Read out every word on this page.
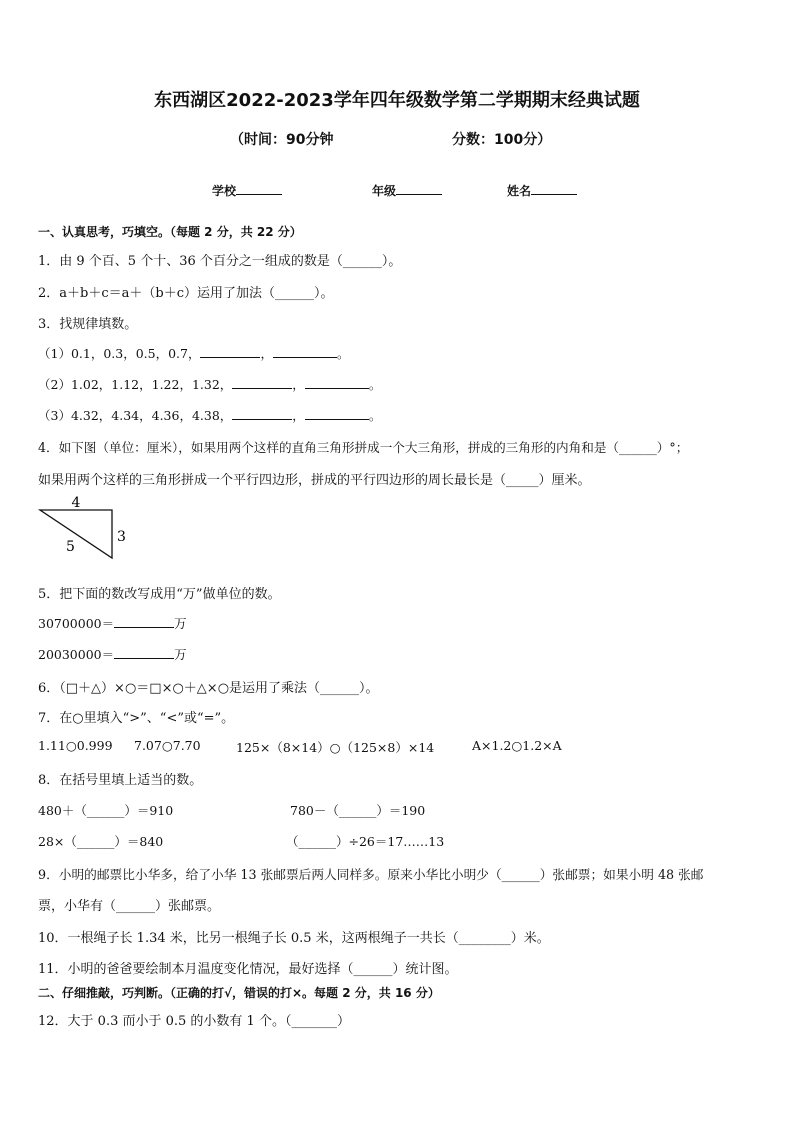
东西湖区2022-2023学年四年级数学第二学期期末经典试题
（时间：90分钟	分数：100分）
学校	年级	姓名
一、认真思考，巧填空。（每题 2 分，共 22 分）
1．由 9 个百、5 个十、36 个百分之一组成的数是（______）。
2．a＋b＋c＝a＋（b＋c）运用了加法（______）。
3．找规律填数。
（1）0.1，0.3，0.5，0.7，	，	。
（2）1.02，1.12，1.22，1.32，	，	。
（3）4.32，4.34，4.36，4.38，	，	。
4．如下图（单位：厘米），如果用两个这样的直角三角形拼成一个大三角形，拼成的三角形的内角和是（______）°；
如果用两个这样的三角形拼成一个平行四边形，拼成的平行四边形的周长最长是（_____）厘米。
4
3
5
5．把下面的数改写成用“万”做单位的数。
30700000＝	万
20030000＝	万
6．（□＋△）×○＝□×○＋△×○是运用了乘法（______）。
7．在○里填入“>”、“<”或“=”。
1.11○0.999 7.07○7.70	125×（8×14）○（125×8）×14	A×1.2○1.2×A
8．在括号里填上适当的数。
480＋（______）＝910	780－（______）＝190
28×（______）＝840	（______）÷26＝17……13
9．小明的邮票比小华多，给了小华 13 张邮票后两人同样多。原来小华比小明少（______）张邮票；如果小明 48 张邮
票，小华有（______）张邮票。
10．一根绳子长 1.34 米，比另一根绳子长 0.5 米，这两根绳子一共长（________）米。
11．小明的爸爸要绘制本月温度变化情况，最好选择（______）统计图。
二、仔细推敲，巧判断。（正确的打√，错误的打×。每题 2 分，共 16 分）
12．大于 0.3 而小于 0.5 的小数有 1 个。（_______）
